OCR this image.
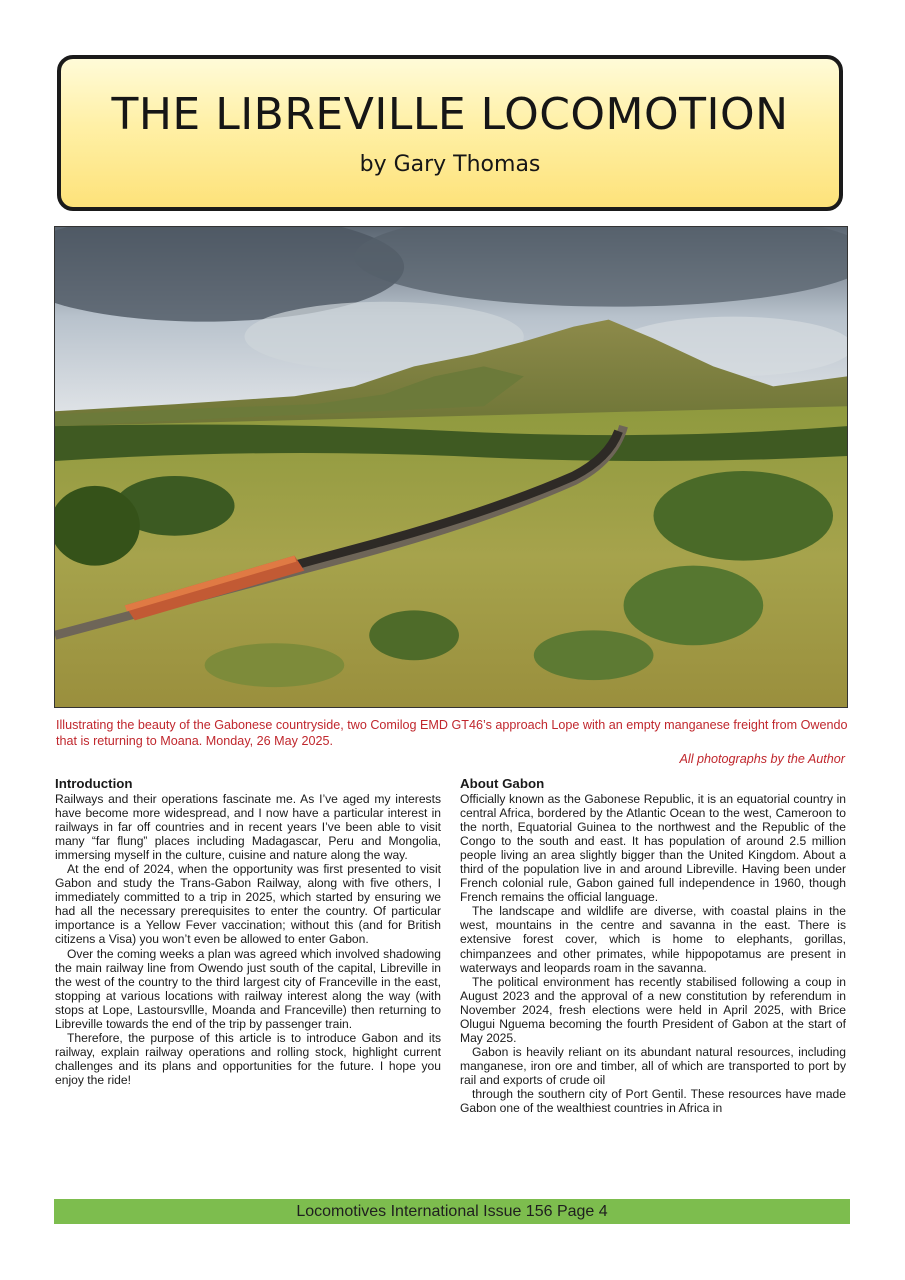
THE LIBREVILLE LOCOMOTION
by Gary Thomas
Illustrating the beauty of the Gabonese countryside, two Comilog EMD GT46’s approach Lope with an empty manganese freight from Owendo that is returning to Moana. Monday, 26 May 2025.
All photographs by the Author
Introduction

Railways and their operations fascinate me. As I’ve aged my interests have become more widespread, and I now have a particular interest in railways in far off countries and in recent years I’ve been able to visit many “far flung” places including Madagascar, Peru and Mongolia, immersing myself in the culture, cuisine and nature along the way.

At the end of 2024, when the opportunity was first presented to visit Gabon and study the Trans-Gabon Railway, along with five others, I immediately committed to a trip in 2025, which started by ensuring we had all the necessary prerequisites to enter the country. Of particular importance is a Yellow Fever vaccination; without this (and for British citizens a Visa) you won’t even be allowed to enter Gabon.

Over the coming weeks a plan was agreed which involved shadowing the main railway line from Owendo just south of the capital, Libreville in the west of the country to the third largest city of Franceville in the east, stopping at various locations with railway interest along the way (with stops at Lope, Lastoursvllle, Moanda and Franceville) then returning to Libreville towards the end of the trip by passenger train.

Therefore, the purpose of this article is to introduce Gabon and its railway, explain railway operations and rolling stock, highlight current challenges and its plans and opportunities for the future. I hope you enjoy the ride!

About Gabon

Officially known as the Gabonese Republic, it is an equatorial country in central Africa, bordered by the Atlantic Ocean to the west, Cameroon to the north, Equatorial Guinea to the northwest and the Republic of the Congo to the south and east. It has population of around 2.5 million people living an area slightly bigger than the United Kingdom. About a third of the population live in and around Libreville. Having been under French colonial rule, Gabon gained full independence in 1960, though French remains the official language.

The landscape and wildlife are diverse, with coastal plains in the west, mountains in the centre and savanna in the east. There is extensive forest cover, which is home to elephants, gorillas, chimpanzees and other primates, while hippopotamus are present in waterways and leopards roam in the savanna.

The political environment has recently stabilised following a coup in August 2023 and the approval of a new constitution by referendum in November 2024, fresh elections were held in April 2025, with Brice Olugui Nguema becoming the fourth President of Gabon at the start of May 2025.

Gabon is heavily reliant on its abundant natural resources, including manganese, iron ore and timber, all of which are transported to port by rail and exports of crude oil

through the southern city of Port Gentil. These resources have made Gabon one of the wealthiest countries in Africa in

Locomotives International Issue 156 Page 4
